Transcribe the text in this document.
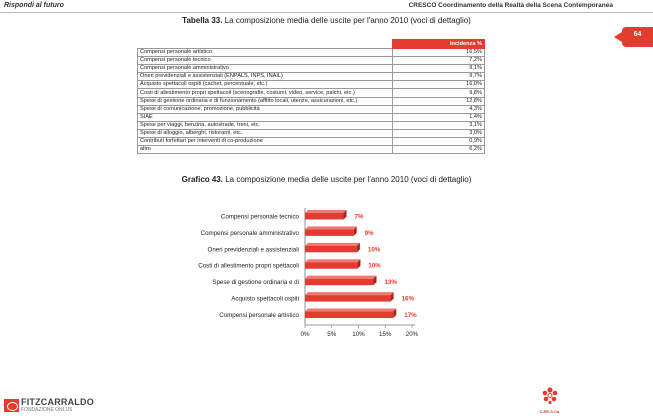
Rispondi al futuro	CRESCO Coordinamento della Realtà della Scena Contemporanea
64
Tabella 33. La composizione media delle uscite per l'anno 2010 (voci di dettaglio)
	Incidenza %
Compensi personale artistico	16,5%
Compensi personale tecnico	7,2%
Compensi personale amministrativo	9,1%
Oneri previdenziali e assistenziali (ENPALS, INPS, INAIL)	9,7%
Acquisto spettacoli ospiti (cachet, percentuale, etc.)	16,0%
Costi di allestimento propri spettacoli (scenografie, costumi, video, service, palchi, etc.)	9,8%
Spese di gestione ordinaria e di funzionamento (affitto locali, utenze, assicurazioni, etc.)	12,8%
Spese di comunicazione, promozione, pubblicità	4,3%
SIAE	1,4%
Spese per viaggi, benzina, autostrade, treni, etc.	3,1%
Spese di alloggio, alberghi, ristoranti, etc.	3,0%
Contributi forfettari per interventi di co-produzione	0,9%
altro	6,2%
Grafico 43. La composizione media delle uscite per l'anno 2010 (voci di dettaglio)
0%	5%	10% 15% 20%
Compensi personale tecnico	7%
Compensi personale amministrativo	9%
Oneri previdenziali e assistenziali	10%
Costi di allestimento propri spettacoli	10%
Spese di gestione ordinaria e di	13%
Acquisto spettacoli ospiti	16%
Compensi personale artistico	17%
FITZCARRALDO
FONDAZIONE ONLUS	C.RE.S.Co.
